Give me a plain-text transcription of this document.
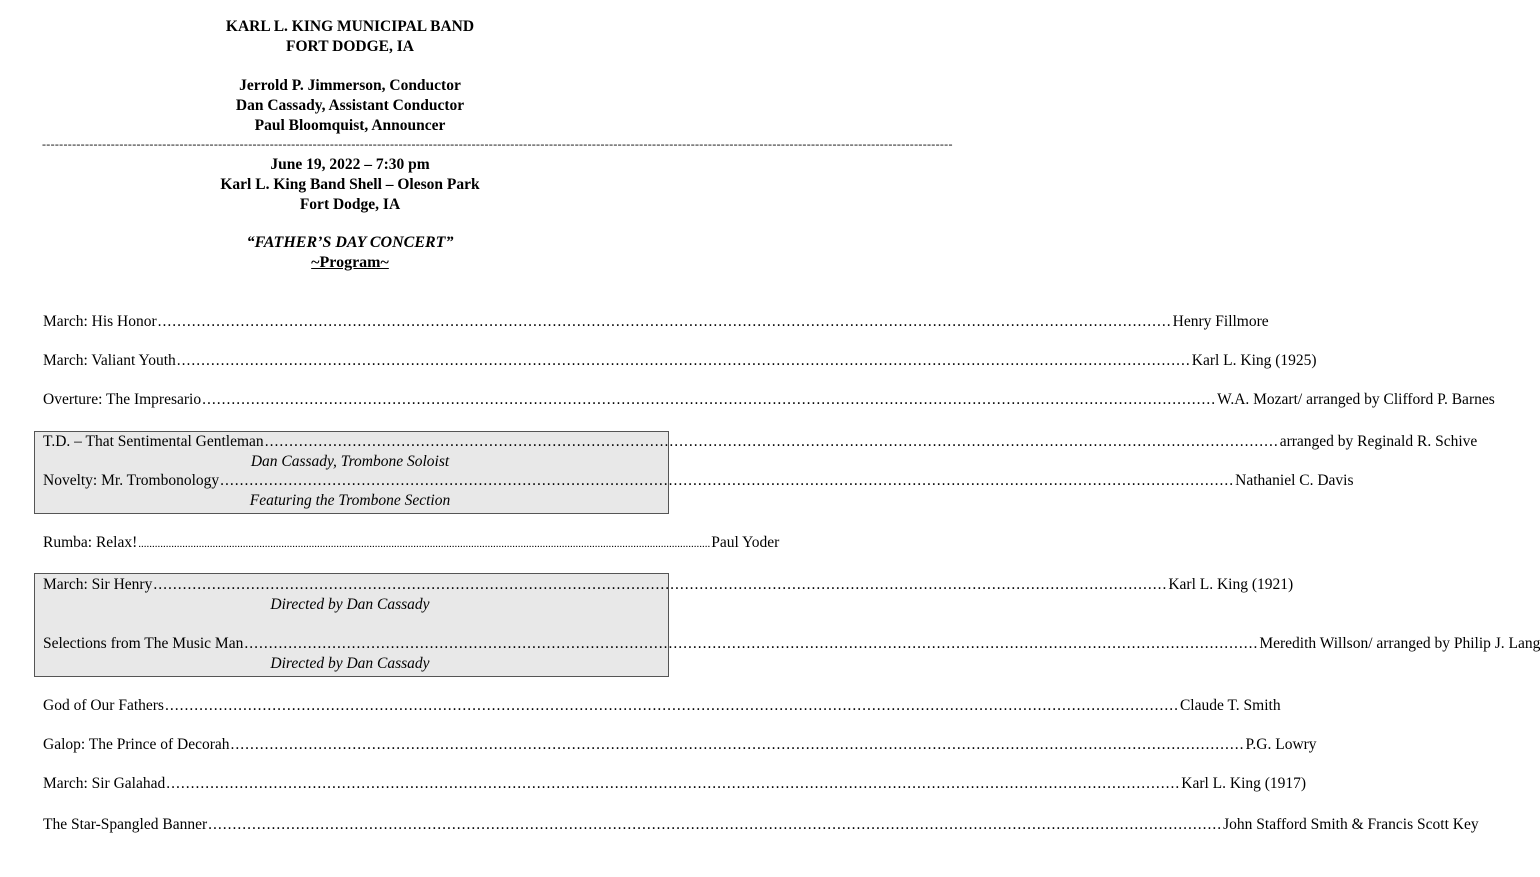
KARL L. KING MUNICIPAL BAND
FORT DODGE, IA
Jerrold P. Jimmerson, Conductor
Dan Cassady, Assistant Conductor
Paul Bloomquist, Announcer
--------------------------------------------------------------------------------------------------------------------------------------------------------------------------------------------------------------------
June 19, 2022 – 7:30 pm
Karl L. King Band Shell – Oleson Park
Fort Dodge, IA
“FATHER’S DAY CONCERT”
~Program~
March: His Honor .....	Henry Fillmore
March: Valiant Youth .....	Karl L. King (1925)
Overture: The Impresario .....	W.A. Mozart/ arranged by Clifford P. Barnes
T.D. – That Sentimental Gentleman .....	arranged by Reginald R. Schive
Dan Cassady, Trombone Soloist
Novelty: Mr. Trombonology .....	Nathaniel C. Davis
Featuring the Trombone Section
Rumba: Relax! .....	Paul Yoder
March: Sir Henry .....	Karl L. King (1921)
Directed by Dan Cassady
Selections from The Music Man .....	Meredith Willson/ arranged by Philip J. Lang
Directed by Dan Cassady
God of Our Fathers .....	Claude T. Smith
Galop: The Prince of Decorah .....	P.G. Lowry
March: Sir Galahad .....	Karl L. King (1917)
The Star-Spangled Banner .....	John Stafford Smith & Francis Scott Key
